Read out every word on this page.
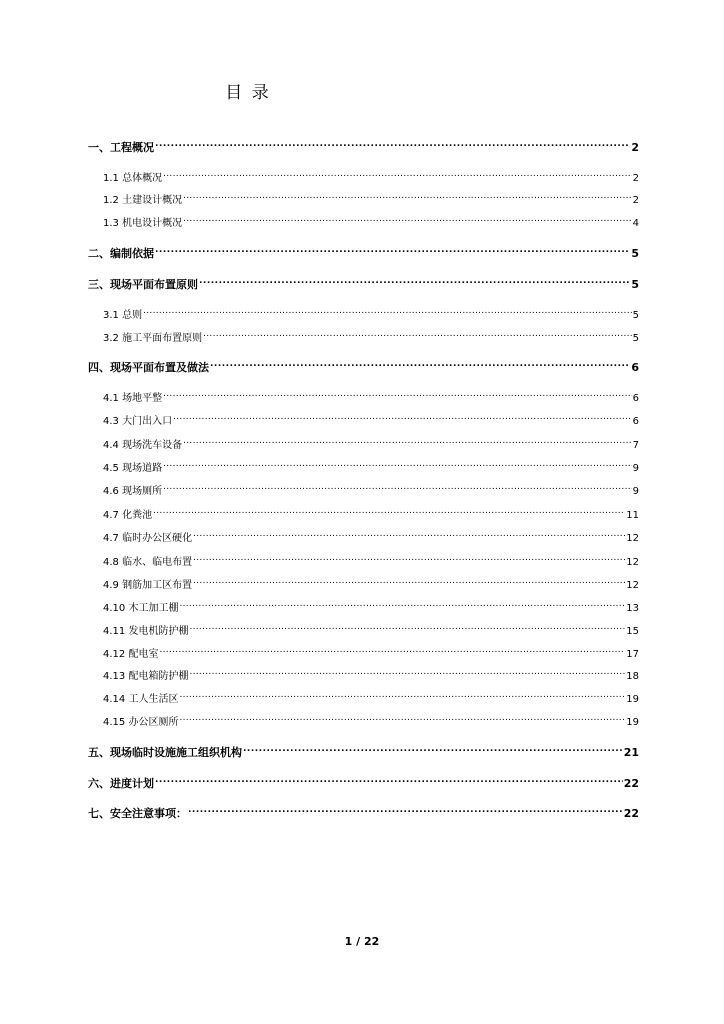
目 录
一、工程概况 .....	2
1.1 总体概况 .....	2
1.2 土建设计概况 .....	2
1.3 机电设计概况 .....	4
二、编制依据 .....	5
三、现场平面布置原则 .....	5
3.1 总则 .....	5
3.2 施工平面布置原则 .....	5
四、现场平面布置及做法 .....	6
4.1 场地平整 .....	6
4.3 大门出入口 .....	6
4.4 现场洗车设备 .....	7
4.5 现场道路 .....	9
4.6 现场厕所 .....	9
4.7 化粪池 .....	11
4.7 临时办公区硬化 .....	12
4.8 临水、临电布置 .....	12
4.9 钢筋加工区布置 .....	12
4.10 木工加工棚 .....	13
4.11 发电机防护棚 .....	15
4.12 配电室 .....	17
4.13 配电箱防护棚 .....	18
4.14 工人生活区 .....	19
4.15 办公区厕所 .....	19
五、现场临时设施施工组织机构 .....	21
六、进度计划 .....	22
七、安全注意事项： .....	22
1 / 22
